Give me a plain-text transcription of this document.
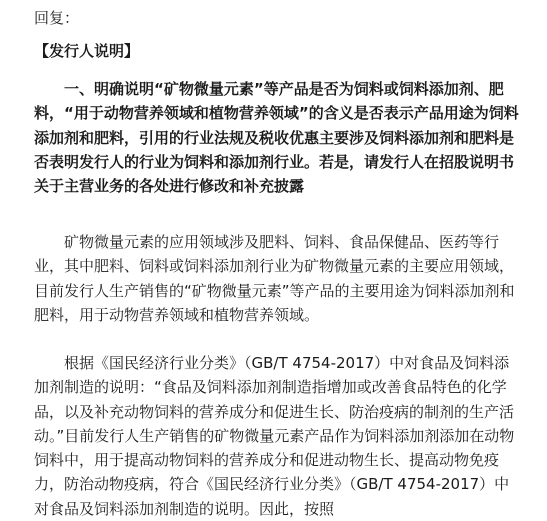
回复：
【发行人说明】

一、明确说明“矿物微量元素”等产品是否为饲料或饲料添加剂、肥料，“用于动物营养领域和植物营养领域”的含义是否表示产品用途为饲料添加剂和肥料，引用的行业法规及税收优惠主要涉及饲料添加剂和肥料是否表明发行人的行业为饲料和添加剂行业。若是，请发行人在招股说明书关于主营业务的各处进行修改和补充披露

矿物微量元素的应用领域涉及肥料、饲料、食品保健品、医药等行业，其中肥料、饲料或饲料添加剂行业为矿物微量元素的主要应用领域，目前发行人生产销售的“矿物微量元素”等产品的主要用途为饲料添加剂和肥料，用于动物营养领域和植物营养领域。

根据《国民经济行业分类》（GB/T 4754-2017）中对食品及饲料添加剂制造的说明：“食品及饲料添加剂制造指增加或改善食品特色的化学品，以及补充动物饲料的营养成分和促进生长、防治疫病的制剂的生产活动。”目前发行人生产销售的矿物微量元素产品作为饲料添加剂添加在动物饲料中，用于提高动物饲料的营养成分和促进动物生长、提高动物免疫力，防治动物疫病，符合《国民经济行业分类》（GB/T 4754-2017）中对食品及饲料添加剂制造的说明。因此，按照
